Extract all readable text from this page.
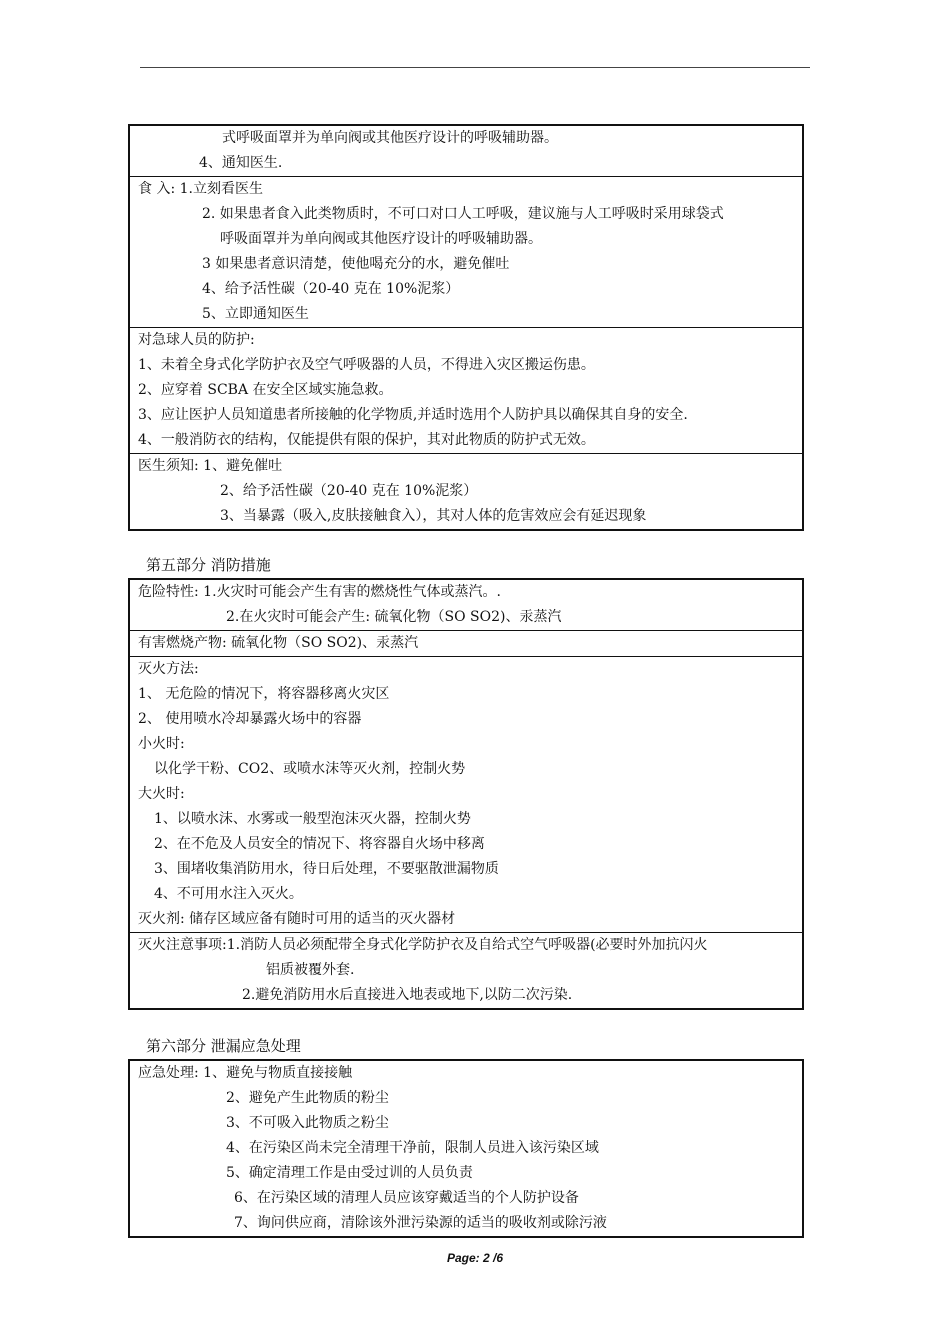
式呼吸面罩并为单向阀或其他医疗设计的呼吸辅助器。
4、通知医生.
食 入: 1.立刻看医生
2. 如果患者食入此类物质时，不可口对口人工呼吸，建议施与人工呼吸时采用球袋式
呼吸面罩并为单向阀或其他医疗设计的呼吸辅助器。
3 如果患者意识清楚，使他喝充分的水，避免催吐
4、给予活性碳（20-40 克在 10%泥浆）
5、立即通知医生
对急球人员的防护:
1、未着全身式化学防护衣及空气呼吸器的人员，不得进入灾区搬运伤患。
2、应穿着 SCBA 在安全区域实施急救。
3、应让医护人员知道患者所接触的化学物质,并适时选用个人防护具以确保其自身的安全.
4、一般消防衣的结构，仅能提供有限的保护，其对此物质的防护式无效。
医生须知: 1、避免催吐
2、给予活性碳（20-40 克在 10%泥浆）
3、当暴露（吸入,皮肤接触食入），其对人体的危害效应会有延迟现象
第五部分 消防措施
危险特性: 1.火灾时可能会产生有害的燃烧性气体或蒸汽。.
2.在火灾时可能会产生: 硫氧化物（SO SO2)、汞蒸汽
有害燃烧产物: 硫氧化物（SO SO2)、汞蒸汽
灭火方法:
1、 无危险的情况下，将容器移离火灾区
2、 使用喷水冷却暴露火场中的容器
小火时:
以化学干粉、CO2、或喷水沫等灭火剂，控制火势
大火时:
1、以喷水沫、水雾或一般型泡沫灭火器，控制火势
2、在不危及人员安全的情况下、将容器自火场中移离
3、围堵收集消防用水，待日后处理，不要驱散泄漏物质
4、不可用水注入灭火。
灭火剂: 储存区域应备有随时可用的适当的灭火器材
灭火注意事项:1.消防人员必须配带全身式化学防护衣及自给式空气呼吸器(必要时外加抗闪火
铝质被覆外套.
2.避免消防用水后直接进入地表或地下,以防二次污染.
第六部分 泄漏应急处理
应急处理: 1、避免与物质直接接触
2、避免产生此物质的粉尘
3、不可吸入此物质之粉尘
4、在污染区尚未完全清理干净前，限制人员进入该污染区域
5、确定清理工作是由受过训的人员负责
6、在污染区域的清理人员应该穿戴适当的个人防护设备
7、询问供应商，清除该外泄污染源的适当的吸收剂或除污液
Page: 2 /6
